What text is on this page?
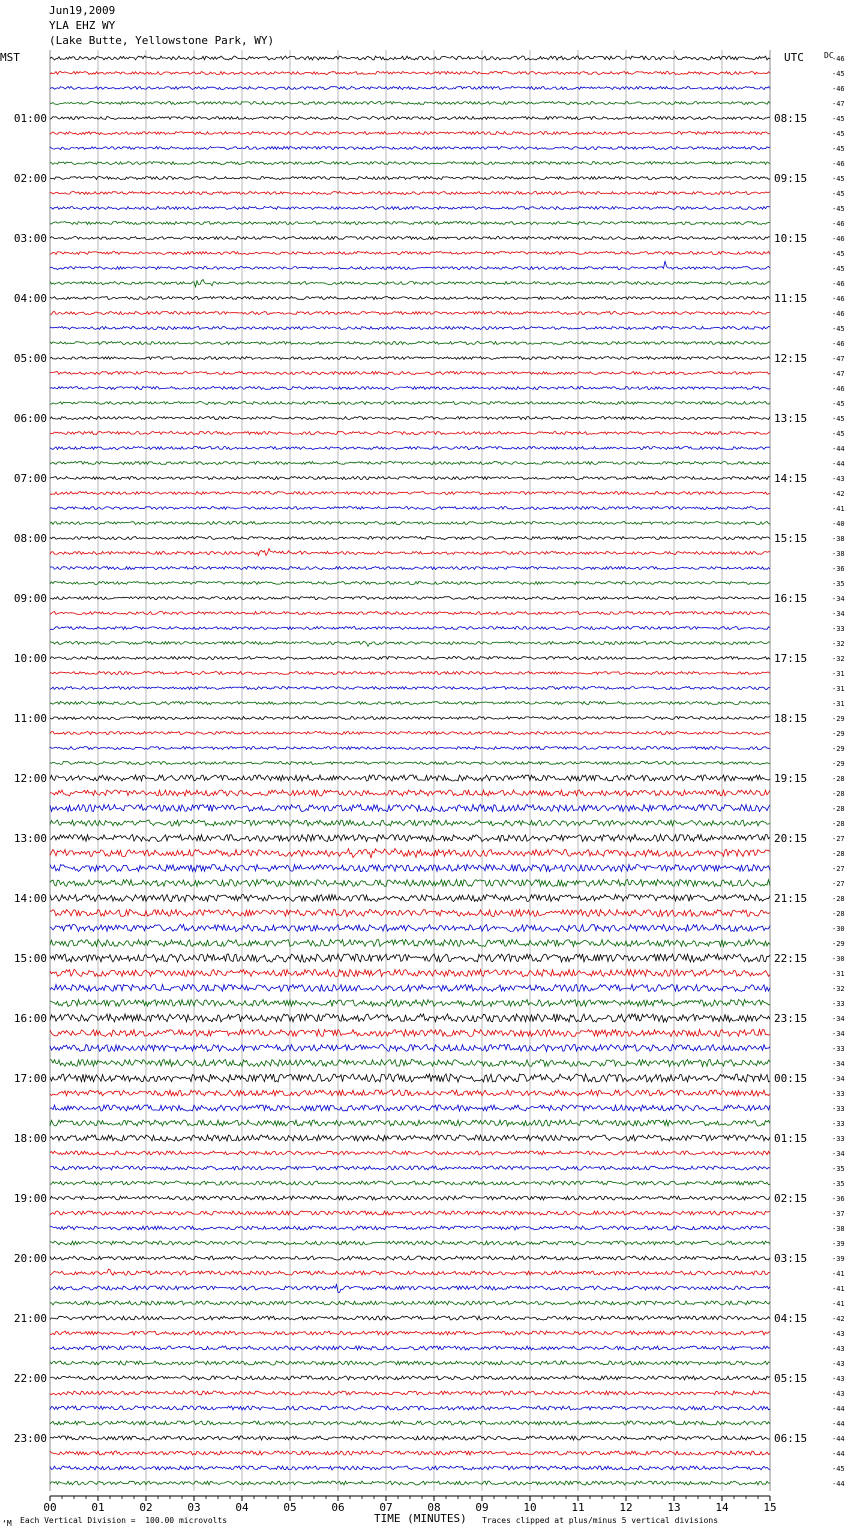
Jun19,2009
YLA EHZ WY
(Lake Butte, Yellowstone Park, WY)
01:00
02:00
03:00
04:00
05:00
06:00
07:00
08:00
09:00
10:00
11:00
12:00
13:00
14:00
15:00
16:00
17:00
18:00
19:00
20:00
21:00
22:00
23:00
08:15
09:15
10:15
11:15
12:15
13:15
14:15
15:15
16:15
17:15
18:15
19:15
20:15
21:15
22:15
23:15
00:15
01:15
02:15
03:15
04:15
05:15
06:15
-46
-45
-46
-47
-45
-45
-45
-46
-45
-45
-45
-46
-46
-45
-45
-46
-46
-46
-45
-46
-47
-47
-46
-45
-45
-45
-44
-44
-43
-42
-41
-40
-38
-38
-36
-35
-34
-34
-33
-32
-32
-31
-31
-31
-29
-29
-29
-29
-28
-28
-28
-28
-27
-28
-27
-27
-28
-28
-30
-29
-30
-31
-32
-33
-34
-34
-33
-34
-34
-33
-33
-33
-33
-34
-35
-35
-36
-37
-38
-39
-39
-41
-41
-41
-42
-43
-43
-43
-43
-43
-44
-44
-44
-44
-45
-44
00	01	02	03	04	05	06	07	08	09	10	11	12	13	14	15
MST	UTC	DC
‘M Each Vertical Division =  100.00 microvolts	TIME (MINUTES) Traces clipped at plus/minus 5 vertical divisions
